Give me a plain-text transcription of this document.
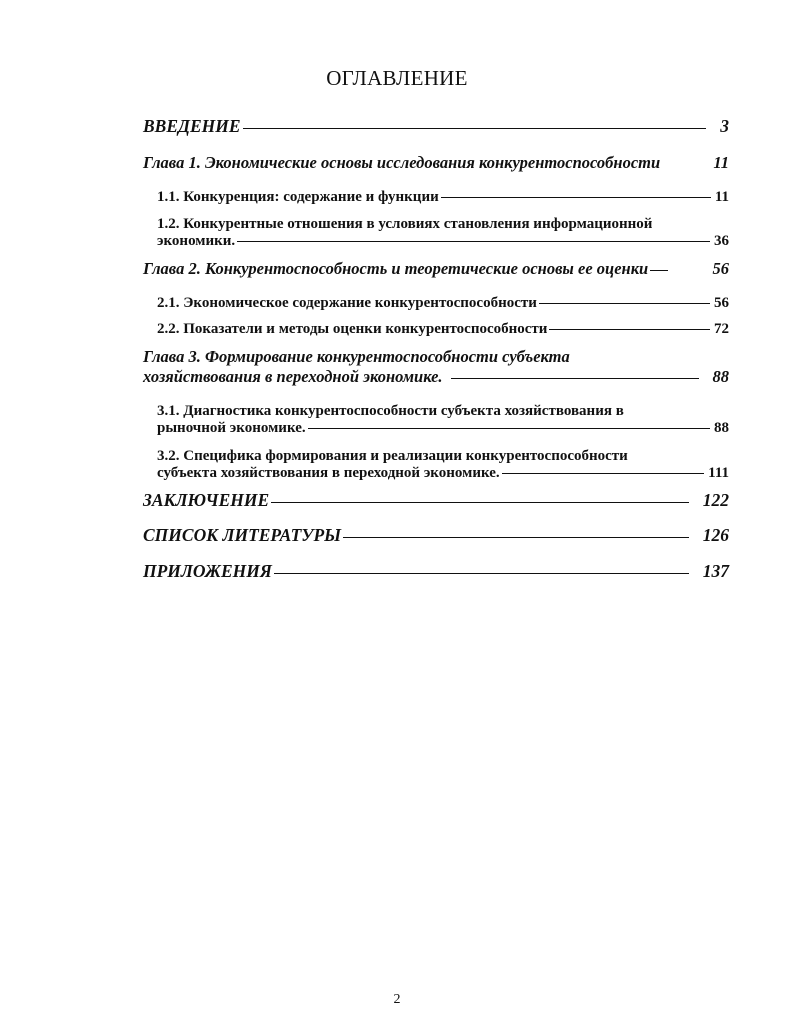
ОГЛАВЛЕНИЕ
ВВЕДЕНИЕ	3
Глава 1. Экономические основы исследования конкурентоспособности	11
1.1. Конкуренция: содержание и функции	11
1.2. Конкурентные отношения в условиях становления информационной
экономики.	36
Глава 2. Конкурентоспособность и теоретические основы ее оценки	56
2.1. Экономическое содержание конкурентоспособности	56
2.2. Показатели и методы оценки конкурентоспособности	72
Глава 3. Формирование конкурентоспособности субъекта
хозяйствования в переходной экономике.	88
3.1. Диагностика конкурентоспособности субъекта хозяйствования в
рыночной экономике.	88
3.2. Специфика формирования и реализации конкурентоспособности
субъекта хозяйствования в переходной экономике.	111
ЗАКЛЮЧЕНИЕ	122
СПИСОК ЛИТЕРАТУРЫ	126
ПРИЛОЖЕНИЯ	137
2
